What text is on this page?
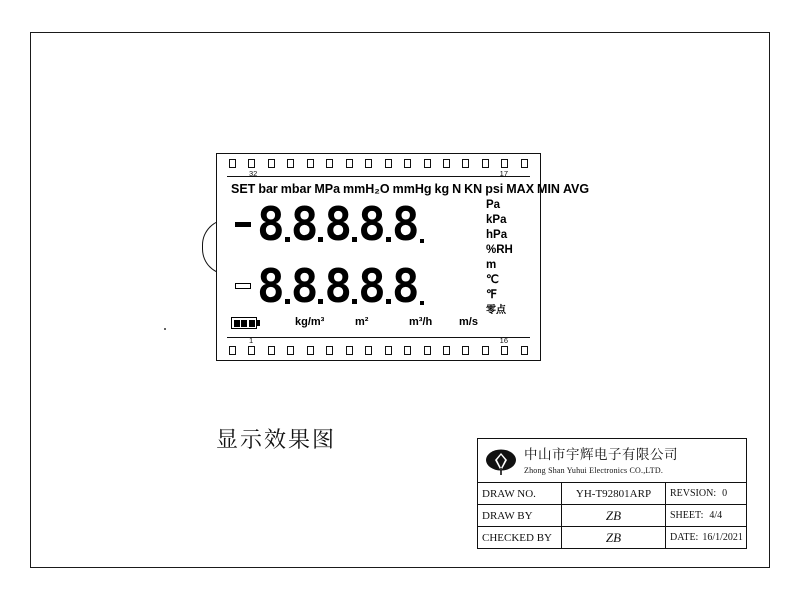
32	17
1	16
SET bar mbar MPa mmH₂O mmHg kg N KN psi MAX MIN AVG
8 8 8 8 8
8 8 8 8 8
Pa
kPa
hPa
%RH
m
℃
℉
零点
kg/m³	m²	m³/h m/s
显示效果图
中山市宇辉电子有限公司
Zhong Shan Yuhui Electronics CO.,LTD.
DRAW NO.	YH-T92801ARP	REVSION: 0
DRAW BY	ZB	SHEET: 4/4
CHECKED BY	ZB	DATE: 16/1/2021
